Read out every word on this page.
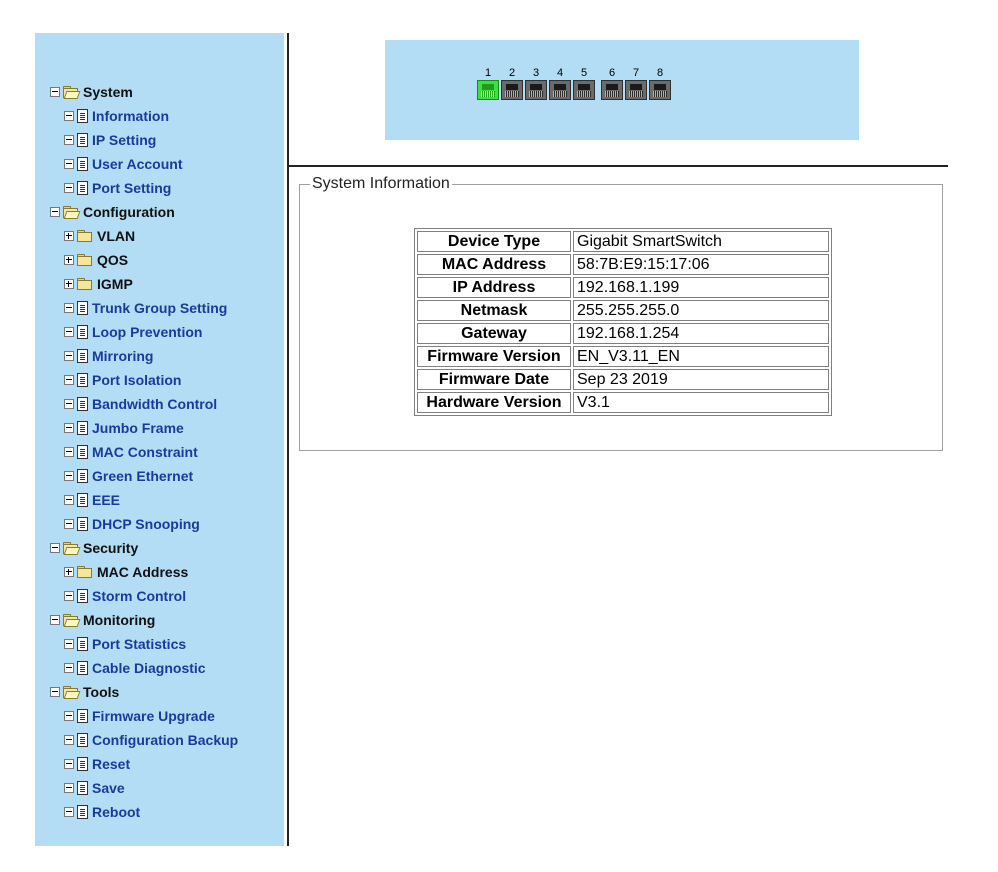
System
Information
IP Setting
User Account
Port Setting
Configuration
VLAN
QOS
IGMP
Trunk Group Setting
Loop Prevention
Mirroring
Port Isolation
Bandwidth Control
Jumbo Frame
MAC Constraint
Green Ethernet
EEE
DHCP Snooping
Security
MAC Address
Storm Control
Monitoring
Port Statistics
Cable Diagnostic
Tools
Firmware Upgrade
Configuration Backup
Reset
Save
Reboot
1	2	3	4	5	6	7	8
System Information
Device Type	Gigabit SmartSwitch
MAC Address	58:7B:E9:15:17:06
IP Address	192.168.1.199
Netmask	255.255.255.0
Gateway	192.168.1.254
Firmware Version	EN_V3.11_EN
Firmware Date	Sep 23 2019
Hardware Version	V3.1
